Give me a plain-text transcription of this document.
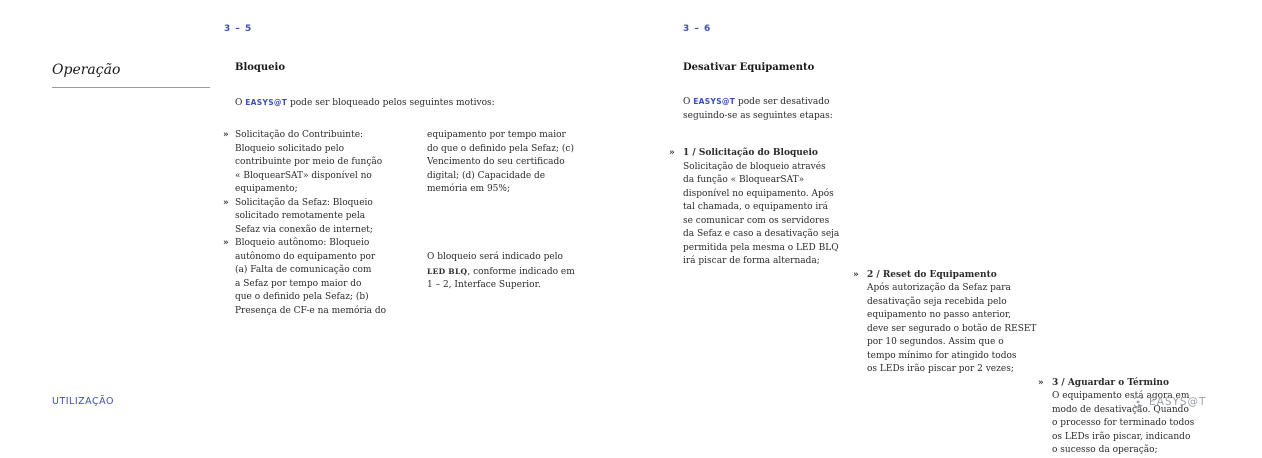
3 – 5
Operação	Bloqueio

O EASYS@T pode ser bloqueado pelos seguintes motivos:

» Solicitação do Contribuinte:
Bloqueio solicitado pelo
contribuinte por meio de função
« BloquearSAT» disponível no
equipamento;
» Solicitação da Sefaz: Bloqueio
solicitado remotamente pela
Sefaz via conexão de internet;
» Bloqueio autônomo: Bloqueio
autônomo do equipamento por
(a) Falta de comunicação com
a Sefaz por tempo maior do
que o definido pela Sefaz; (b)
Presença de CF-e na memória do
equipamento por tempo maior
do que o definido pela Sefaz; (c)
Vencimento do seu certificado
digital; (d) Capacidade de
memória em 95%;
O bloqueio será indicado pelo
LED BLQ, conforme indicado em
1 – 2, Interface Superior.
3 – 6
Desativar Equipamento
O EASYS@T pode ser desativado
seguindo-se as seguintes etapas:
» 1 / Solicitação do Bloqueio
Solicitação de bloqueio através
da função « BloquearSAT»
disponível no equipamento. Após
tal chamada, o equipamento irá
se comunicar com os servidores
da Sefaz e caso a desativação seja
permitida pela mesma o LED BLQ
irá piscar de forma alternada;
» 2 / Reset do Equipamento
Após autorização da Sefaz para
desativação seja recebida pelo
equipamento no passo anterior,
deve ser segurado o botão de RESET
por 10 segundos. Assim que o
tempo mínimo for atingido todos
os LEDs irão piscar por 2 vezes;
» 3 / Aguardar o Término
O equipamento está agora em
modo de desativação. Quando
o processo for terminado todos
os LEDs irão piscar, indicando
o sucesso da operação;
UTILIZAÇÃO	EASYS@T
